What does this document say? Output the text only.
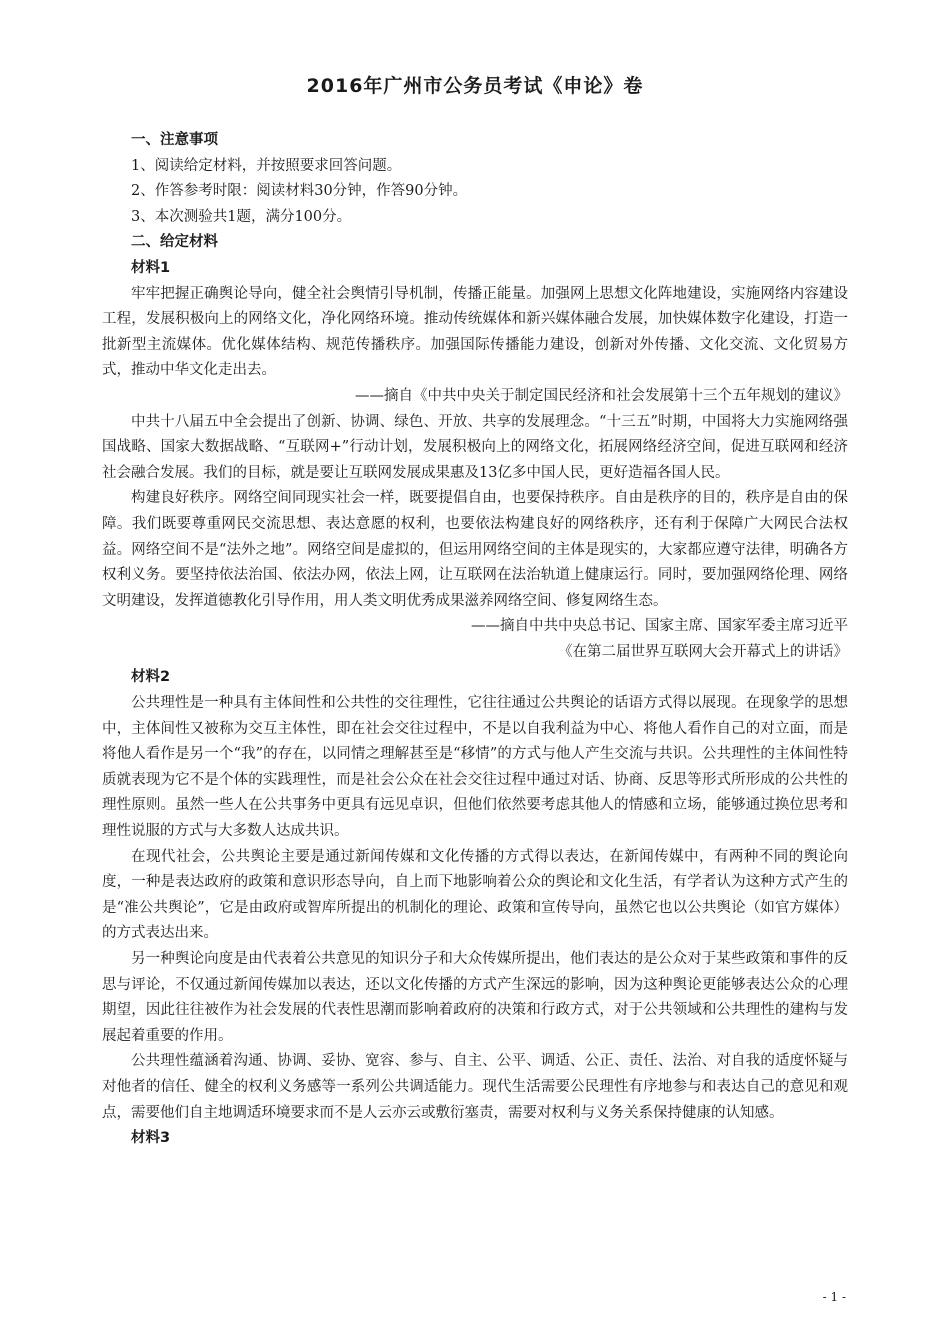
2016年广州市公务员考试《申论》卷
一、注意事项
1、阅读给定材料，并按照要求回答问题。
2、作答参考时限：阅读材料30分钟，作答90分钟。
3、本次测验共1题，满分100分。
二、给定材料
材料1
牢牢把握正确舆论导向，健全社会舆情引导机制，传播正能量。加强网上思想文化阵地建设，实施网络内容建设工程，发展积极向上的网络文化，净化网络环境。推动传统媒体和新兴媒体融合发展，加快媒体数字化建设，打造一批新型主流媒体。优化媒体结构、规范传播秩序。加强国际传播能力建设，创新对外传播、文化交流、文化贸易方式，推动中华文化走出去。
——摘自《中共中央关于制定国民经济和社会发展第十三个五年规划的建议》
中共十八届五中全会提出了创新、协调、绿色、开放、共享的发展理念。“十三五”时期，中国将大力实施网络强国战略、国家大数据战略、“互联网+”行动计划，发展积极向上的网络文化，拓展网络经济空间，促进互联网和经济社会融合发展。我们的目标，就是要让互联网发展成果惠及13亿多中国人民，更好造福各国人民。
构建良好秩序。网络空间同现实社会一样，既要提倡自由，也要保持秩序。自由是秩序的目的，秩序是自由的保障。我们既要尊重网民交流思想、表达意愿的权利，也要依法构建良好的网络秩序，还有利于保障广大网民合法权益。网络空间不是“法外之地”。网络空间是虚拟的，但运用网络空间的主体是现实的，大家都应遵守法律，明确各方权利义务。要坚持依法治国、依法办网，依法上网，让互联网在法治轨道上健康运行。同时，要加强网络伦理、网络文明建设，发挥道德教化引导作用，用人类文明优秀成果滋养网络空间、修复网络生态。
——摘自中共中央总书记、国家主席、国家军委主席习近平
《在第二届世界互联网大会开幕式上的讲话》
材料2
公共理性是一种具有主体间性和公共性的交往理性，它往往通过公共舆论的话语方式得以展现。在现象学的思想中，主体间性又被称为交互主体性，即在社会交往过程中，不是以自我利益为中心、将他人看作自己的对立面，而是将他人看作是另一个“我”的存在，以同情之理解甚至是“移情”的方式与他人产生交流与共识。公共理性的主体间性特质就表现为它不是个体的实践理性，而是社会公众在社会交往过程中通过对话、协商、反思等形式所形成的公共性的理性原则。虽然一些人在公共事务中更具有远见卓识，但他们依然要考虑其他人的情感和立场，能够通过换位思考和理性说服的方式与大多数人达成共识。
在现代社会，公共舆论主要是通过新闻传媒和文化传播的方式得以表达，在新闻传媒中，有两种不同的舆论向度，一种是表达政府的政策和意识形态导向，自上而下地影响着公众的舆论和文化生活，有学者认为这种方式产生的是“准公共舆论”，它是由政府或智库所提出的机制化的理论、政策和宣传导向，虽然它也以公共舆论（如官方媒体）的方式表达出来。
另一种舆论向度是由代表着公共意见的知识分子和大众传媒所提出，他们表达的是公众对于某些政策和事件的反思与评论，不仅通过新闻传媒加以表达，还以文化传播的方式产生深远的影响，因为这种舆论更能够表达公众的心理期望，因此往往被作为社会发展的代表性思潮而影响着政府的决策和行政方式，对于公共领域和公共理性的建构与发展起着重要的作用。
公共理性蕴涵着沟通、协调、妥协、宽容、参与、自主、公平、调适、公正、责任、法治、对自我的适度怀疑与对他者的信任、健全的权利义务感等一系列公共调适能力。现代生活需要公民理性有序地参与和表达自己的意见和观点，需要他们自主地调适环境要求而不是人云亦云或敷衍塞责，需要对权利与义务关系保持健康的认知感。
材料3
- 1 -
